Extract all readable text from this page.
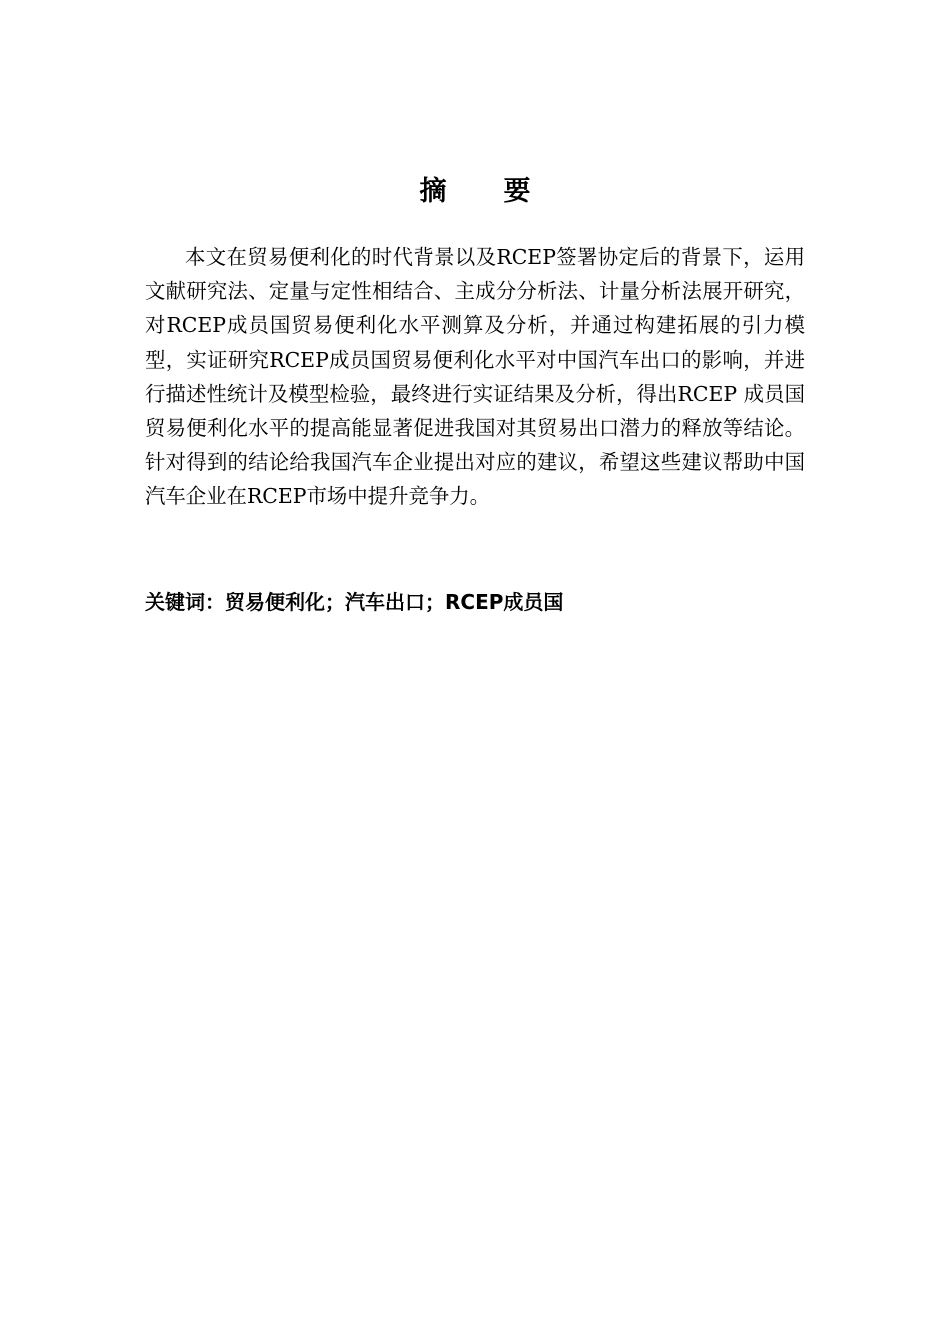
摘 要

本文在贸易便利化的时代背景以及RCEP签署协定后的背景下，运用文献研究法、定量与定性相结合、主成分分析法、计量分析法展开研究，对RCEP成员国贸易便利化水平测算及分析，并通过构建拓展的引力模型，实证研究RCEP成员国贸易便利化水平对中国汽车出口的影响，并进行描述性统计及模型检验，最终进行实证结果及分析，得出RCEP 成员国贸易便利化水平的提高能显著促进我国对其贸易出口潜力的释放等结论。针对得到的结论给我国汽车企业提出对应的建议，希望这些建议帮助中国汽车企业在RCEP市场中提升竞争力。

关键词：贸易便利化；汽车出口；RCEP成员国
